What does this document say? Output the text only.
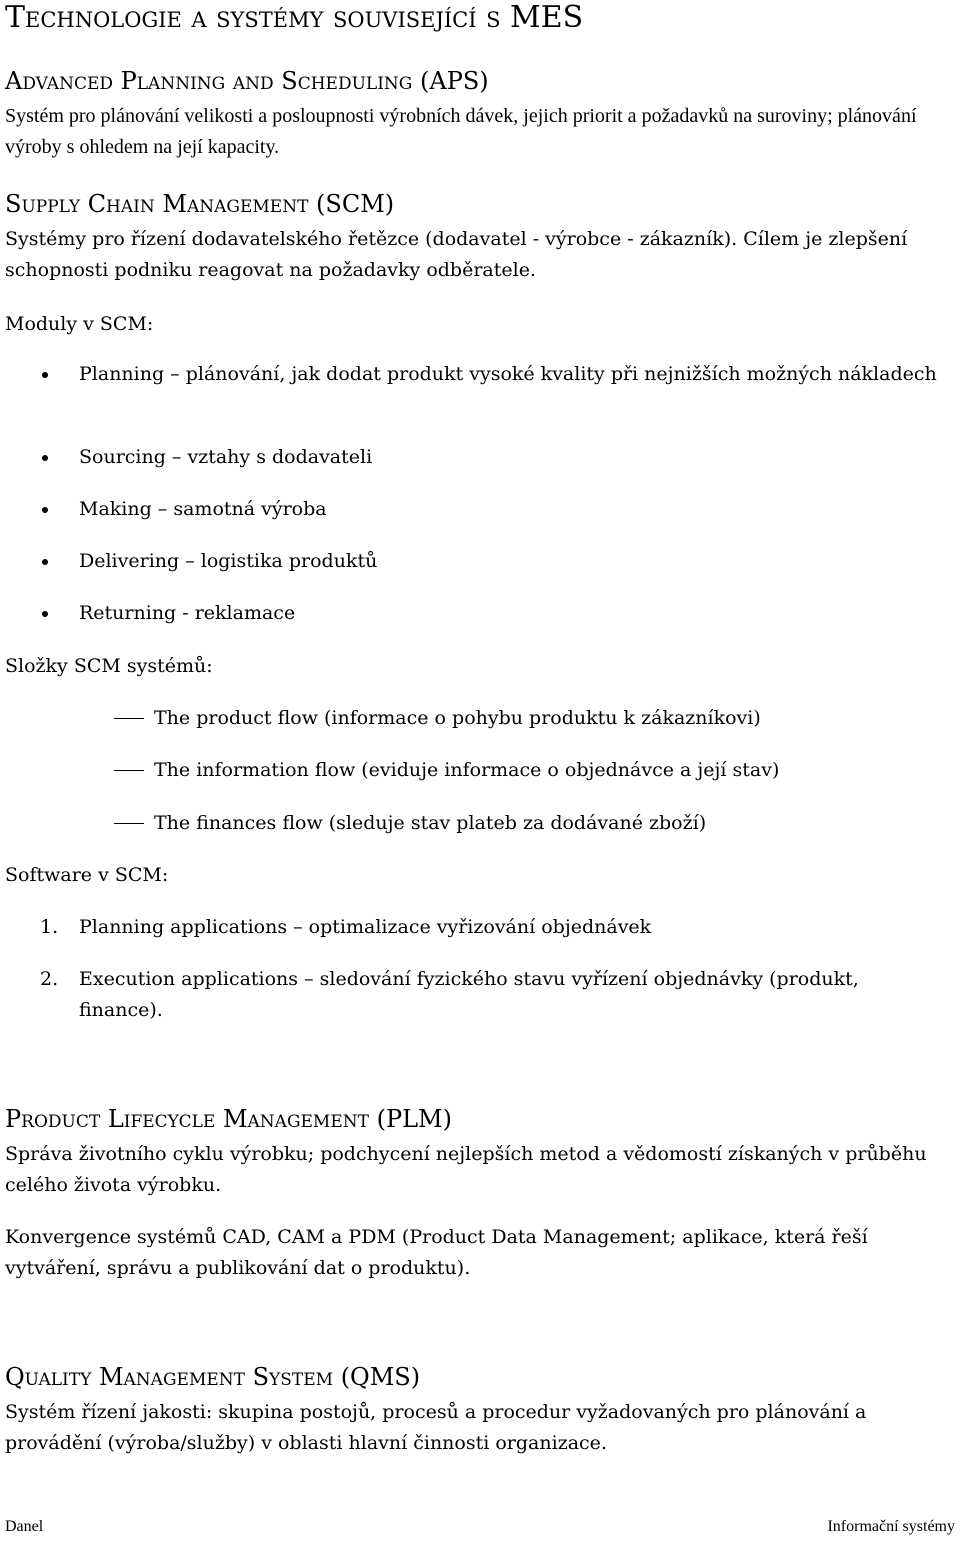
Technologie a systémy související s MES
Advanced Planning and Scheduling (APS)
Systém pro plánování velikosti a posloupnosti výrobních dávek, jejich priorit a požadavků na suroviny; plánování výroby s ohledem na její kapacity.
Supply Chain Management (SCM)
Systémy pro řízení dodavatelského řetězce (dodavatel - výrobce - zákazník). Cílem je zlepšení schopnosti podniku reagovat na požadavky odběratele.
Moduly v SCM:
Planning – plánování, jak dodat produkt vysoké kvality při nejnižších možných nákladech
Sourcing – vztahy s dodavateli
Making – samotná výroba
Delivering – logistika produktů
Returning - reklamace
Složky SCM systémů:
The product flow (informace o pohybu produktu k zákazníkovi)
The information flow (eviduje informace o objednávce a její stav)
The finances flow (sleduje stav plateb za dodávané zboží)
Software v SCM:
1. Planning applications – optimalizace vyřizování objednávek
2. Execution applications – sledování fyzického stavu vyřízení objednávky (produkt, finance).
Product Lifecycle Management (PLM)
Správa životního cyklu výrobku; podchycení nejlepších metod a vědomostí získaných v průběhu celého života výrobku.
Konvergence systémů CAD, CAM a PDM (Product Data Management; aplikace, která řeší vytváření, správu a publikování dat o produktu).
Quality Management System (QMS)
Systém řízení jakosti: skupina postojů, procesů a procedur vyžadovaných pro plánování a provádění (výroba/služby) v oblasti hlavní činnosti organizace.
Danel	Informační systémy
